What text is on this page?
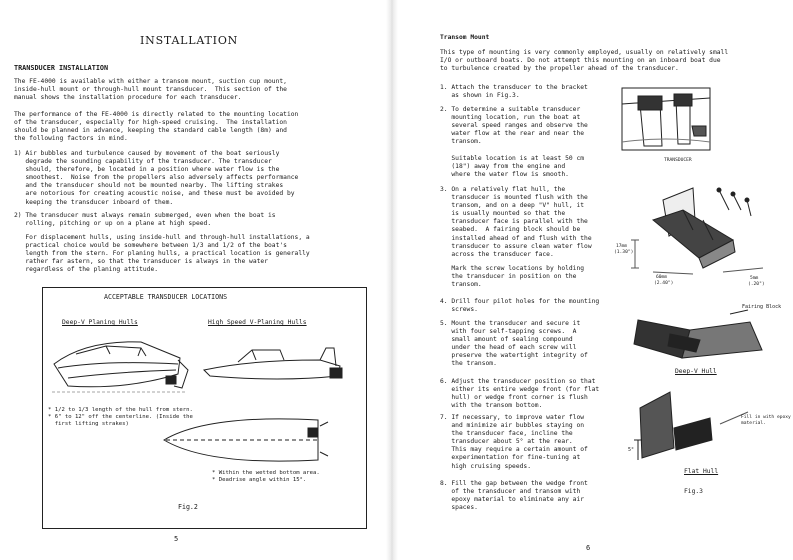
INSTALLATION
TRANSDUCER INSTALLATION
The FE-4000 is available with either a transom mount, suction cup mount,
inside-hull mount or through-hull mount transducer.  This section of the
manual shows the installation procedure for each transducer.
The performance of the FE-4000 is directly related to the mounting location
of the transducer, especially for high-speed cruising.  The installation
should be planned in advance, keeping the standard cable length (8m) and
the following factors in mind.
1) Air bubbles and turbulence caused by movement of the boat seriously
degrade the sounding capability of the transducer. The transducer
should, therefore, be located in a position where water flow is the
smoothest.  Noise from the propellers also adversely affects performance
and the transducer should not be mounted nearby. The lifting strakes
are notorious for creating acoustic noise, and these must be avoided by
keeping the transducer inboard of them.
2) The transducer must always remain submerged, even when the boat is
rolling, pitching or up on a plane at high speed.
For displacement hulls, using inside-hull and through-hull installations, a
practical choice would be somewhere between 1/3 and 1/2 of the boat's
length from the stern. For planing hulls, a practical location is generally
rather far astern, so that the transducer is always in the water
regardless of the planing attitude.
ACCEPTABLE TRANSDUCER LOCATIONS
Deep-V Planing Hulls	High Speed V-Planing Hulls
* 1/2 to 1/3 length of the hull from stern.
* 6" to 12" off the centerline. (Inside the
first lifting strakes)
* Within the wetted bottom area.
* Deadrise angle within 15°.
Fig.2
5
Transom Mount
This type of mounting is very commonly employed, usually on relatively small
I/O or outboard boats. Do not attempt this mounting on an inboard boat due
to turbulence created by the propeller ahead of the transducer.
1. Attach the transducer to the bracket
as shown in Fig.3.
2. To determine a suitable transducer
mounting location, run the boat at
several speed ranges and observe the
water flow at the rear and near the
transom.
Suitable location is at least 50 cm
(18") away from the engine and
where the water flow is smooth.
3. On a relatively flat hull, the
transducer is mounted flush with the
transom, and on a deep "V" hull, it
is usually mounted so that the
transducer face is parallel with the
seabed.  A fairing block should be
installed ahead of and flush with the
transducer to assure clean water flow
across the transducer face.
Mark the screw locations by holding
the transducer in position on the
transom.
4. Drill four pilot holes for the mounting
screws.
5. Mount the transducer and secure it
with four self-tapping screws.  A
small amount of sealing compound
under the head of each screw will
preserve the watertight integrity of
the transom.
6. Adjust the transducer position so that
either its entire wedge front (for flat
hull) or wedge front corner is flush
with the transom bottom.
7. If necessary, to improve water flow
and minimize air bubbles staying on
the transducer face, incline the
transducer about 5° at the rear.
This may require a certain amount of
experimentation for fine-tuning at
high cruising speeds.
8. Fill the gap between the wedge front
of the transducer and transom with
epoxy material to eliminate any air
spaces.
TRANSDUCER
17mm
(1.30")
60mm
(2.40")
5mm
(.20")
Fairing Block
Deep-V Hull
Fill in with epoxy
material.
5°
Flat Hull
Fig.3
6
